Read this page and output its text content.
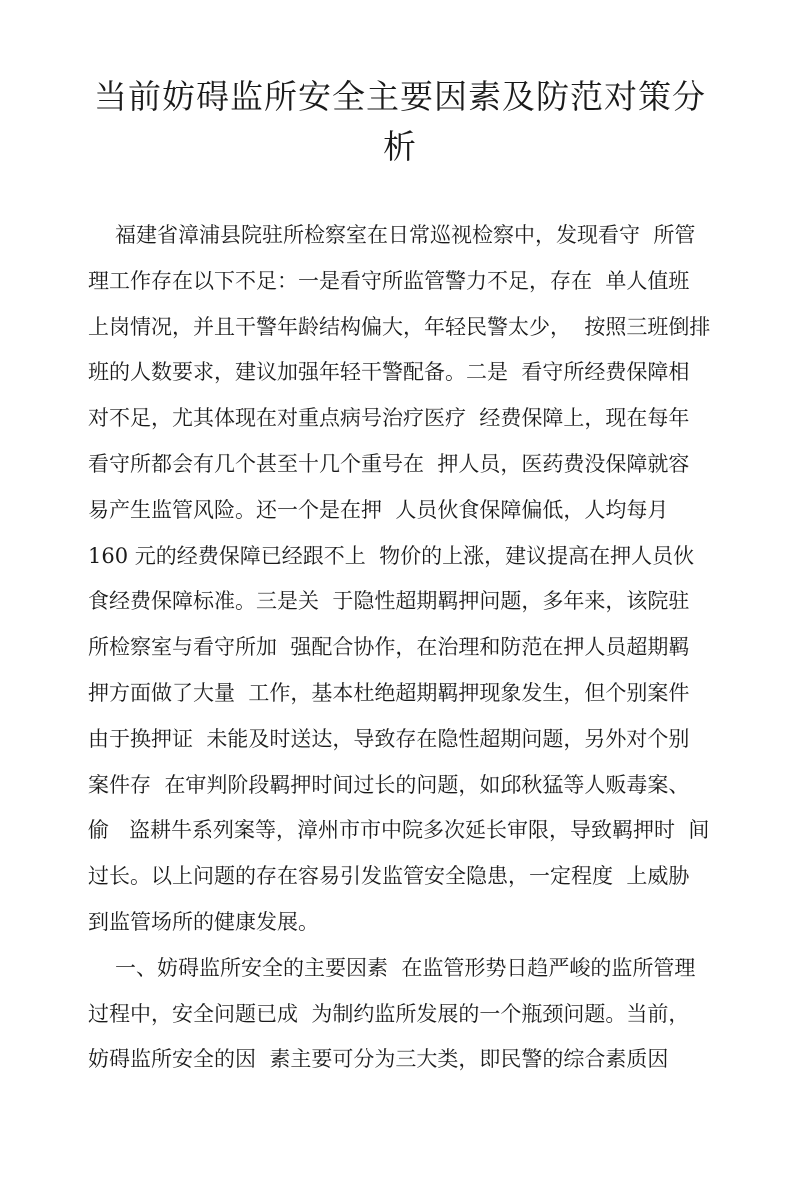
当前妨碍监所安全主要因素及防范对策分
析
福建省漳浦县院驻所检察室在日常巡视检察中，发现看守  所管
理工作存在以下不足：一是看守所监管警力不足，存在  单人值班
上岗情况，并且干警年龄结构偏大，年轻民警太少，  按照三班倒排
班的人数要求，建议加强年轻干警配备。二是  看守所经费保障相
对不足，尤其体现在对重点病号治疗医疗  经费保障上，现在每年
看守所都会有几个甚至十几个重号在  押人员，医药费没保障就容
易产生监管风险。还一个是在押  人员伙食保障偏低，人均每月
160 元的经费保障已经跟不上  物价的上涨，建议提高在押人员伙
食经费保障标准。三是关  于隐性超期羁押问题，多年来，该院驻
所检察室与看守所加  强配合协作，在治理和防范在押人员超期羁
押方面做了大量  工作，基本杜绝超期羁押现象发生，但个别案件
由于换押证  未能及时送达，导致存在隐性超期问题，另外对个别
案件存  在审判阶段羁押时间过长的问题，如邱秋猛等人贩毒案、
偷   盗耕牛系列案等，漳州市市中院多次延长审限，导致羁押时  间
过长。以上问题的存在容易引发监管安全隐患，一定程度  上威胁
到监管场所的健康发展。
一、妨碍监所安全的主要因素  在监管形势日趋严峻的监所管理
过程中，安全问题已成  为制约监所发展的一个瓶颈问题。当前，
妨碍监所安全的因  素主要可分为三大类，即民警的综合素质因
